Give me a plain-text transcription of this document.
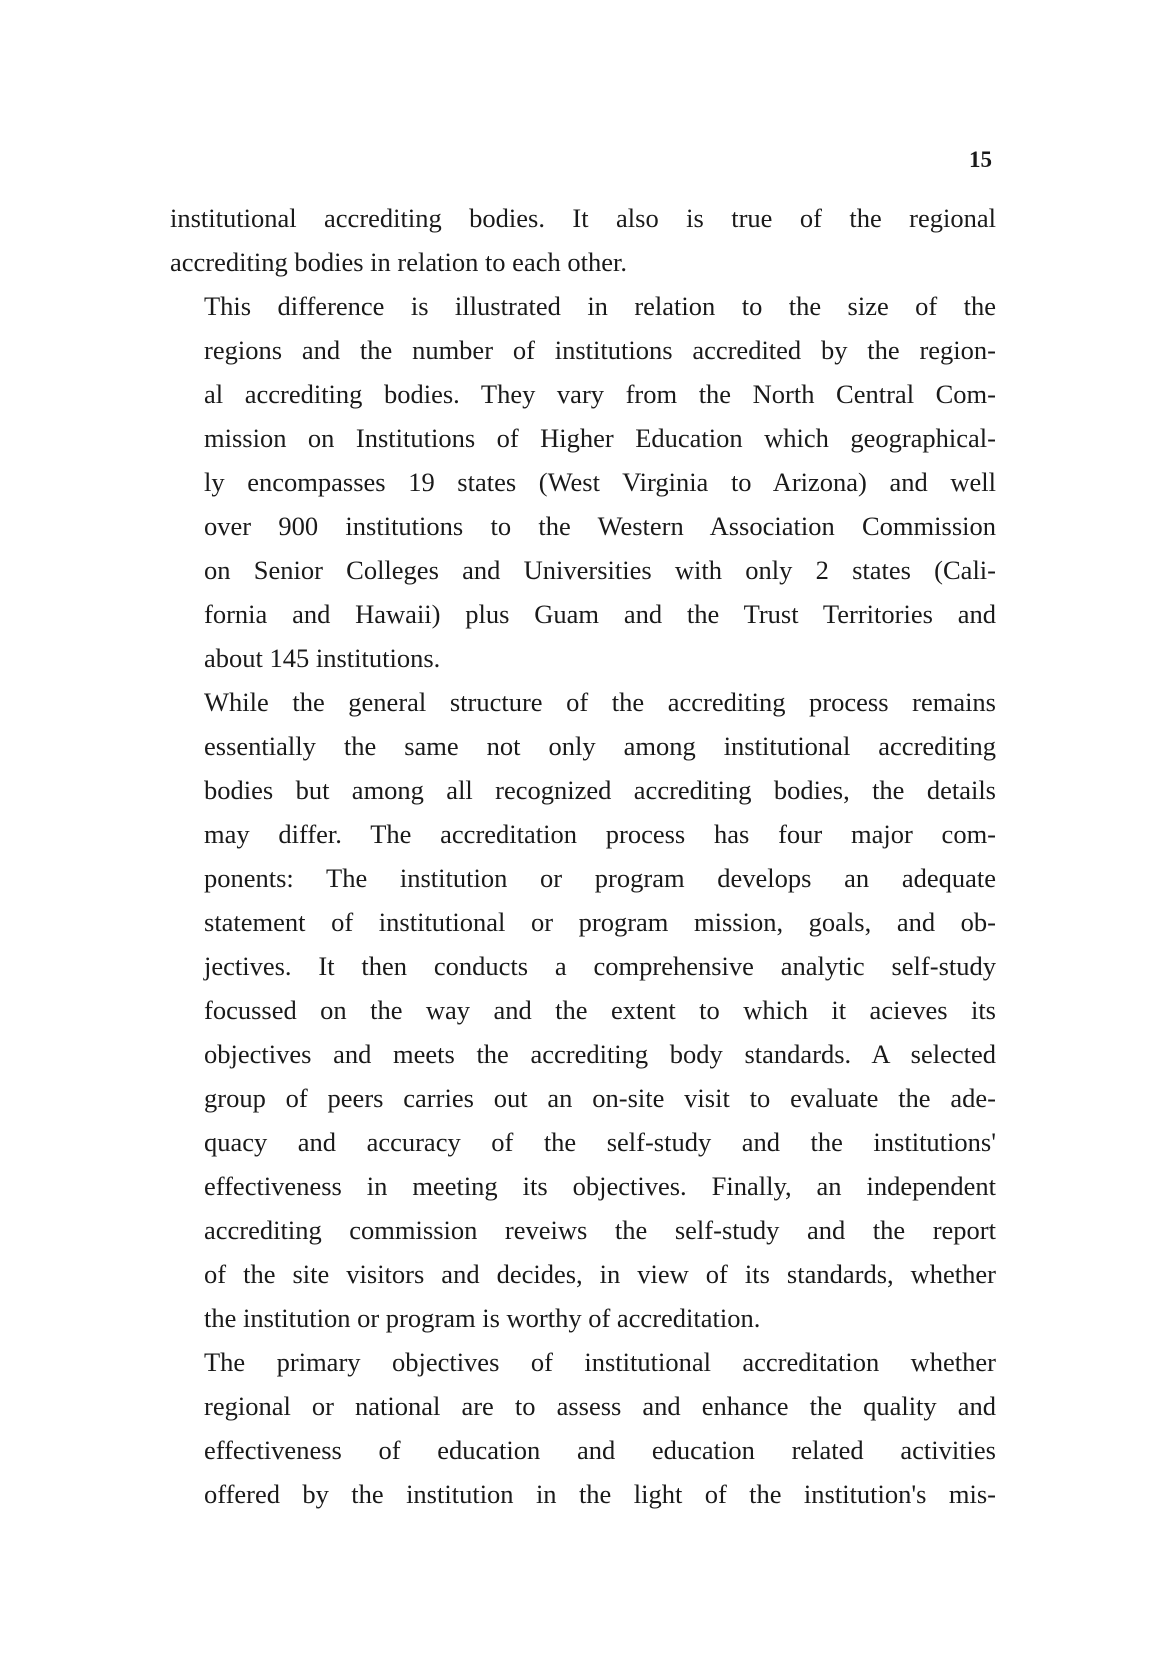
15

institutional accrediting bodies. It also is true of the regional
accrediting bodies in relation to each other.

This difference is illustrated in relation to the size of the
regions and the number of institutions accredited by the region-
al accrediting bodies. They vary from the North Central Com-
mission on Institutions of Higher Education which geographical-
ly encompasses 19 states (West Virginia to Arizona) and well
over 900 institutions to the Western Association Commission
on Senior Colleges and Universities with only 2 states (Cali-
fornia and Hawaii) plus Guam and the Trust Territories and
about 145 institutions.

While the general structure of the accrediting process remains
essentially the same not only among institutional accrediting
bodies but among all recognized accrediting bodies, the details
may differ. The accreditation process has four major com-
ponents: The institution or program develops an adequate
statement of institutional or program mission, goals, and ob-
jectives. It then conducts a comprehensive analytic self-study
focussed on the way and the extent to which it acieves its
objectives and meets the accrediting body standards. A selected
group of peers carries out an on-site visit to evaluate the ade-
quacy and accuracy of the self-study and the institutions'
effectiveness in meeting its objectives. Finally, an independent
accrediting commission reveiws the self-study and the report
of the site visitors and decides, in view of its standards, whether
the institution or program is worthy of accreditation.

The primary objectives of institutional accreditation whether
regional or national are to assess and enhance the quality and
effectiveness of education and education related activities
offered by the institution in the light of the institution's mis-
